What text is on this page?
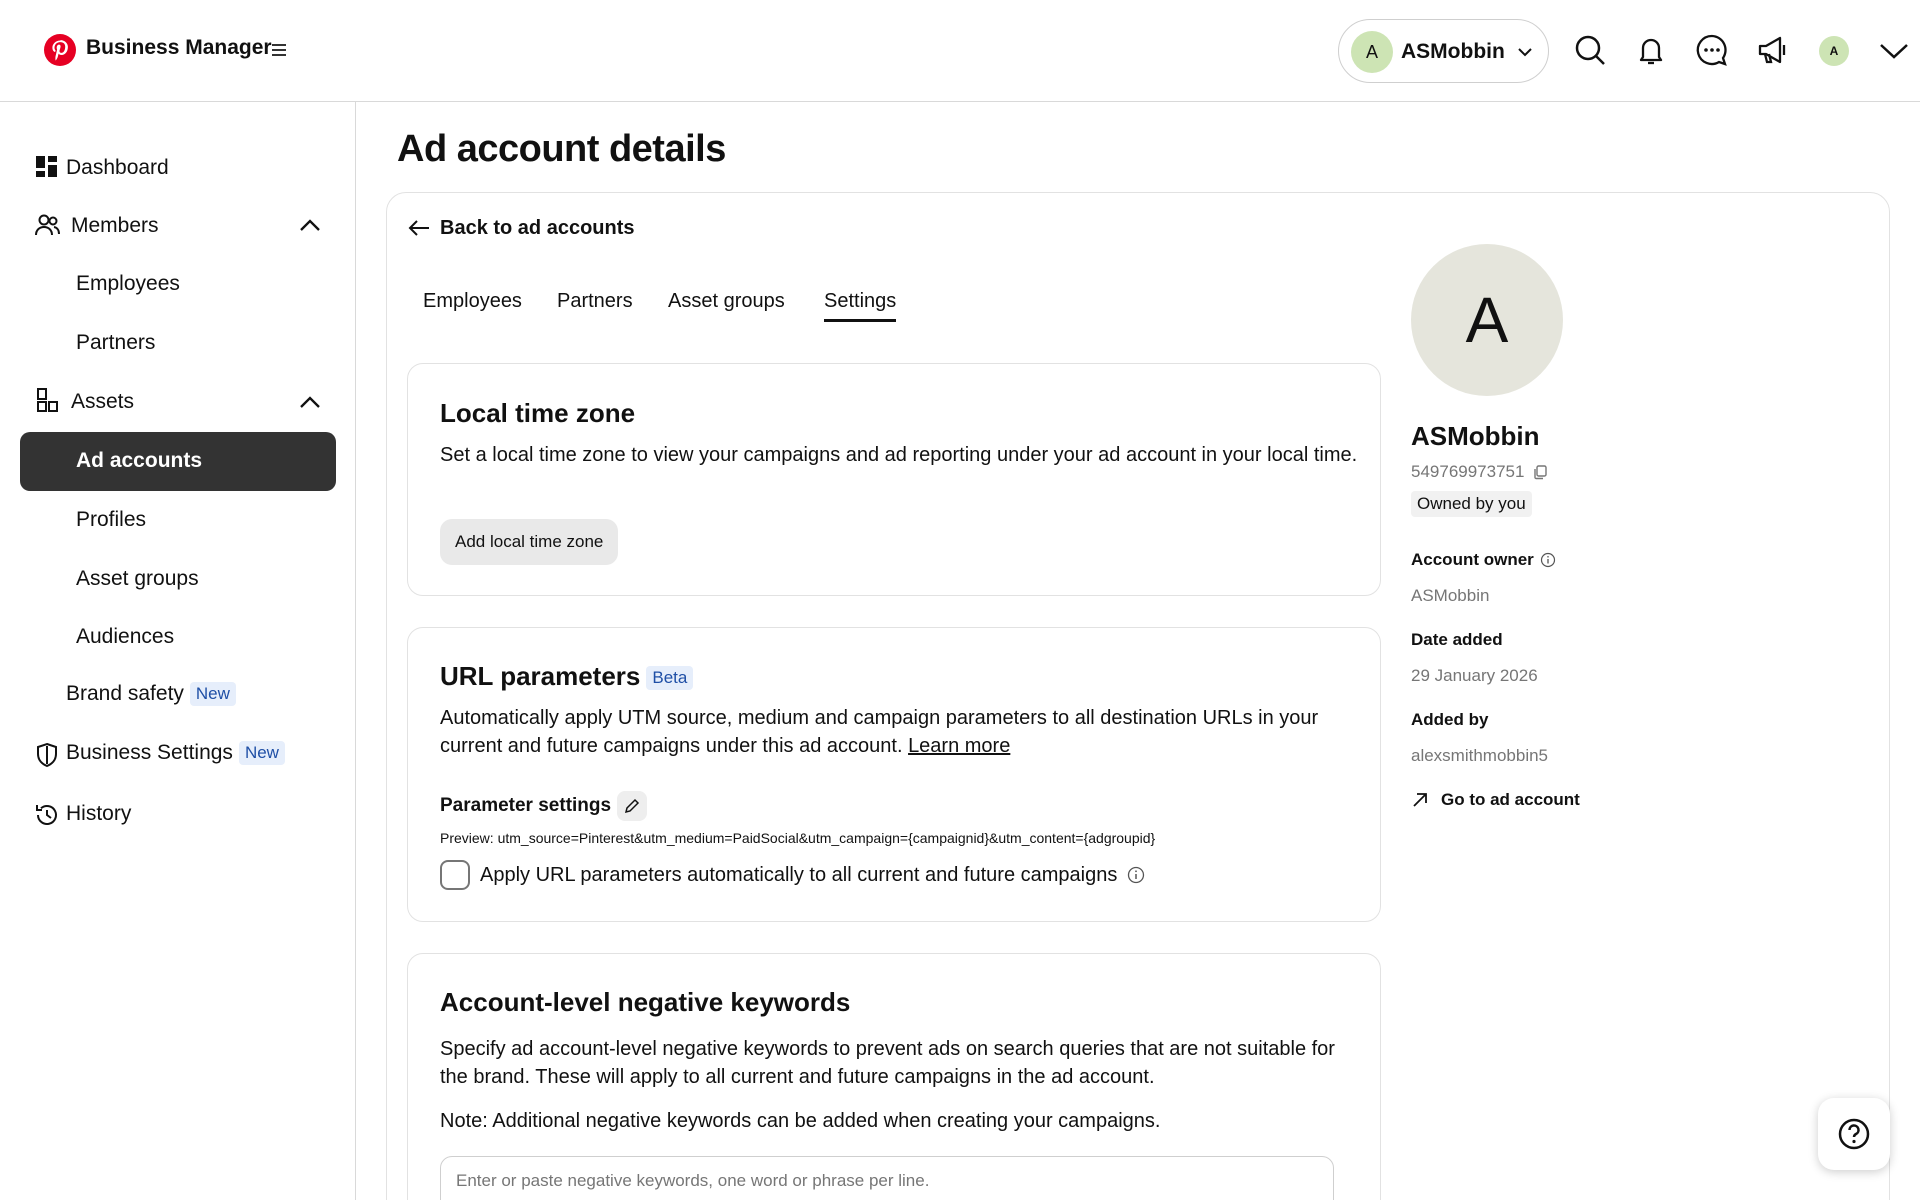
Business Manager	A	ASMobbin	A
Dashboard
Members
Employees
Partners
Assets
Ad accounts
Profiles
Asset groups
Audiences
Brand safety New
Business Settings New
History
Ad account details
Back to ad accounts
Employees Partners Asset groups Settings
Local time zone
Set a local time zone to view your campaigns and ad reporting under your ad account in your local time.
Add local time zone
URL parameters Beta
Automatically apply UTM source, medium and campaign parameters to all destination URLs in your current and future campaigns under this ad account. Learn more
Parameter settings
Preview: utm_source=Pinterest&utm_medium=PaidSocial&utm_campaign={campaignid}&utm_content={adgroupid}
Apply URL parameters automatically to all current and future campaigns
Account-level negative keywords
Specify ad account-level negative keywords to prevent ads on search queries that are not suitable for the brand. These will apply to all current and future campaigns in the ad account.
Note: Additional negative keywords can be added when creating your campaigns.
Enter or paste negative keywords, one word or phrase per line.
A
ASMobbin
549769973751
Owned by you
Account owner
ASMobbin
Date added
29 January 2026
Added by
alexsmithmobbin5
Go to ad account
